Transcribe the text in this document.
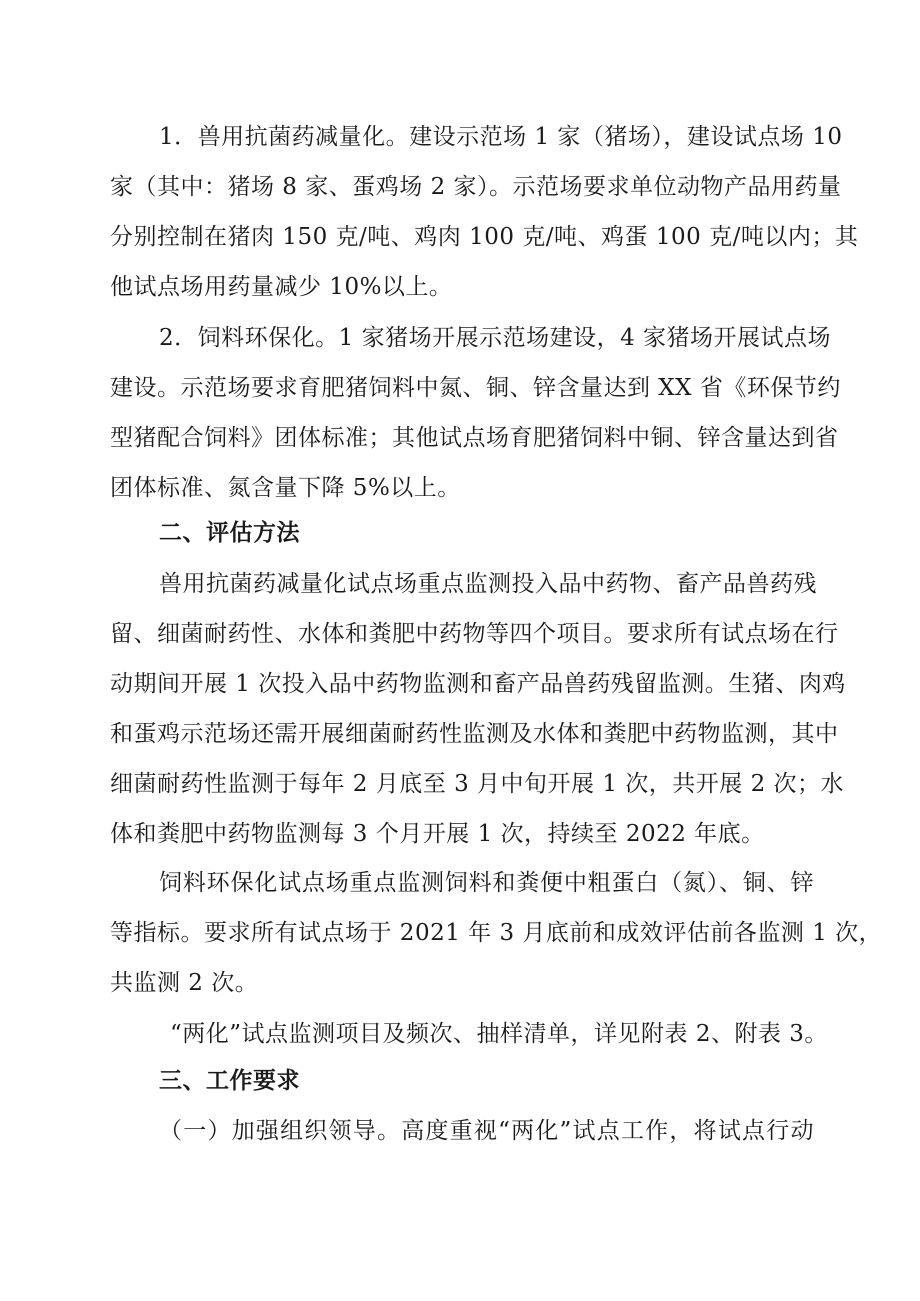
1．兽用抗菌药减量化。建设示范场 1 家（猪场），建设试点场 10
家（其中：猪场 8 家、蛋鸡场 2 家）。示范场要求单位动物产品用药量
分别控制在猪肉 150 克/吨、鸡肉 100 克/吨、鸡蛋 100 克/吨以内；其
他试点场用药量减少 10%以上。
2．饲料环保化。1 家猪场开展示范场建设，4 家猪场开展试点场
建设。示范场要求育肥猪饲料中氮、铜、锌含量达到 XX 省《环保节约
型猪配合饲料》团体标准；其他试点场育肥猪饲料中铜、锌含量达到省
团体标准、氮含量下降 5%以上。
二、评估方法
兽用抗菌药减量化试点场重点监测投入品中药物、畜产品兽药残
留、细菌耐药性、水体和粪肥中药物等四个项目。要求所有试点场在行
动期间开展 1 次投入品中药物监测和畜产品兽药残留监测。生猪、肉鸡
和蛋鸡示范场还需开展细菌耐药性监测及水体和粪肥中药物监测，其中
细菌耐药性监测于每年 2 月底至 3 月中旬开展 1 次，共开展 2 次；水
体和粪肥中药物监测每 3 个月开展 1 次，持续至 2022 年底。
饲料环保化试点场重点监测饲料和粪便中粗蛋白（氮）、铜、锌
等指标。要求所有试点场于 2021 年 3 月底前和成效评估前各监测 1 次，
共监测 2 次。
“两化”试点监测项目及频次、抽样清单，详见附表 2、附表 3。
三、工作要求
（一）加强组织领导。高度重视“两化”试点工作，将试点行动
